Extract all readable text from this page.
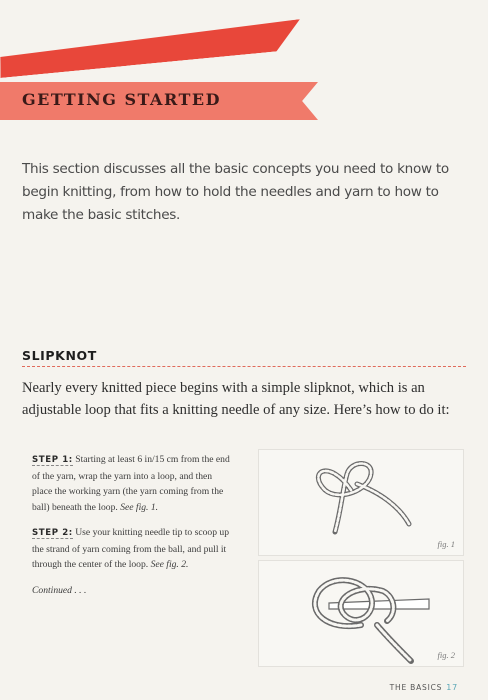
GETTING STARTED

This section discusses all the basic concepts you need to know to begin knitting, from how to hold the needles and yarn to how to make the basic stitches.

SLIPKNOT

Nearly every knitted piece begins with a simple slipknot, which is an adjustable loop that fits a knitting needle of any size. Here’s how to do it:

STEP 1: Starting at least 6 in/15 cm from the end of the yarn, wrap the yarn into a loop, and then place the working yarn (the yarn coming from the ball) beneath the loop. See fig. 1.
STEP 2: Use your knitting needle tip to scoop up the strand of yarn coming from the ball, and pull it through the center of the loop. See fig. 2.
Continued . . .
fig. 1
fig. 2
THE BASICS 17
